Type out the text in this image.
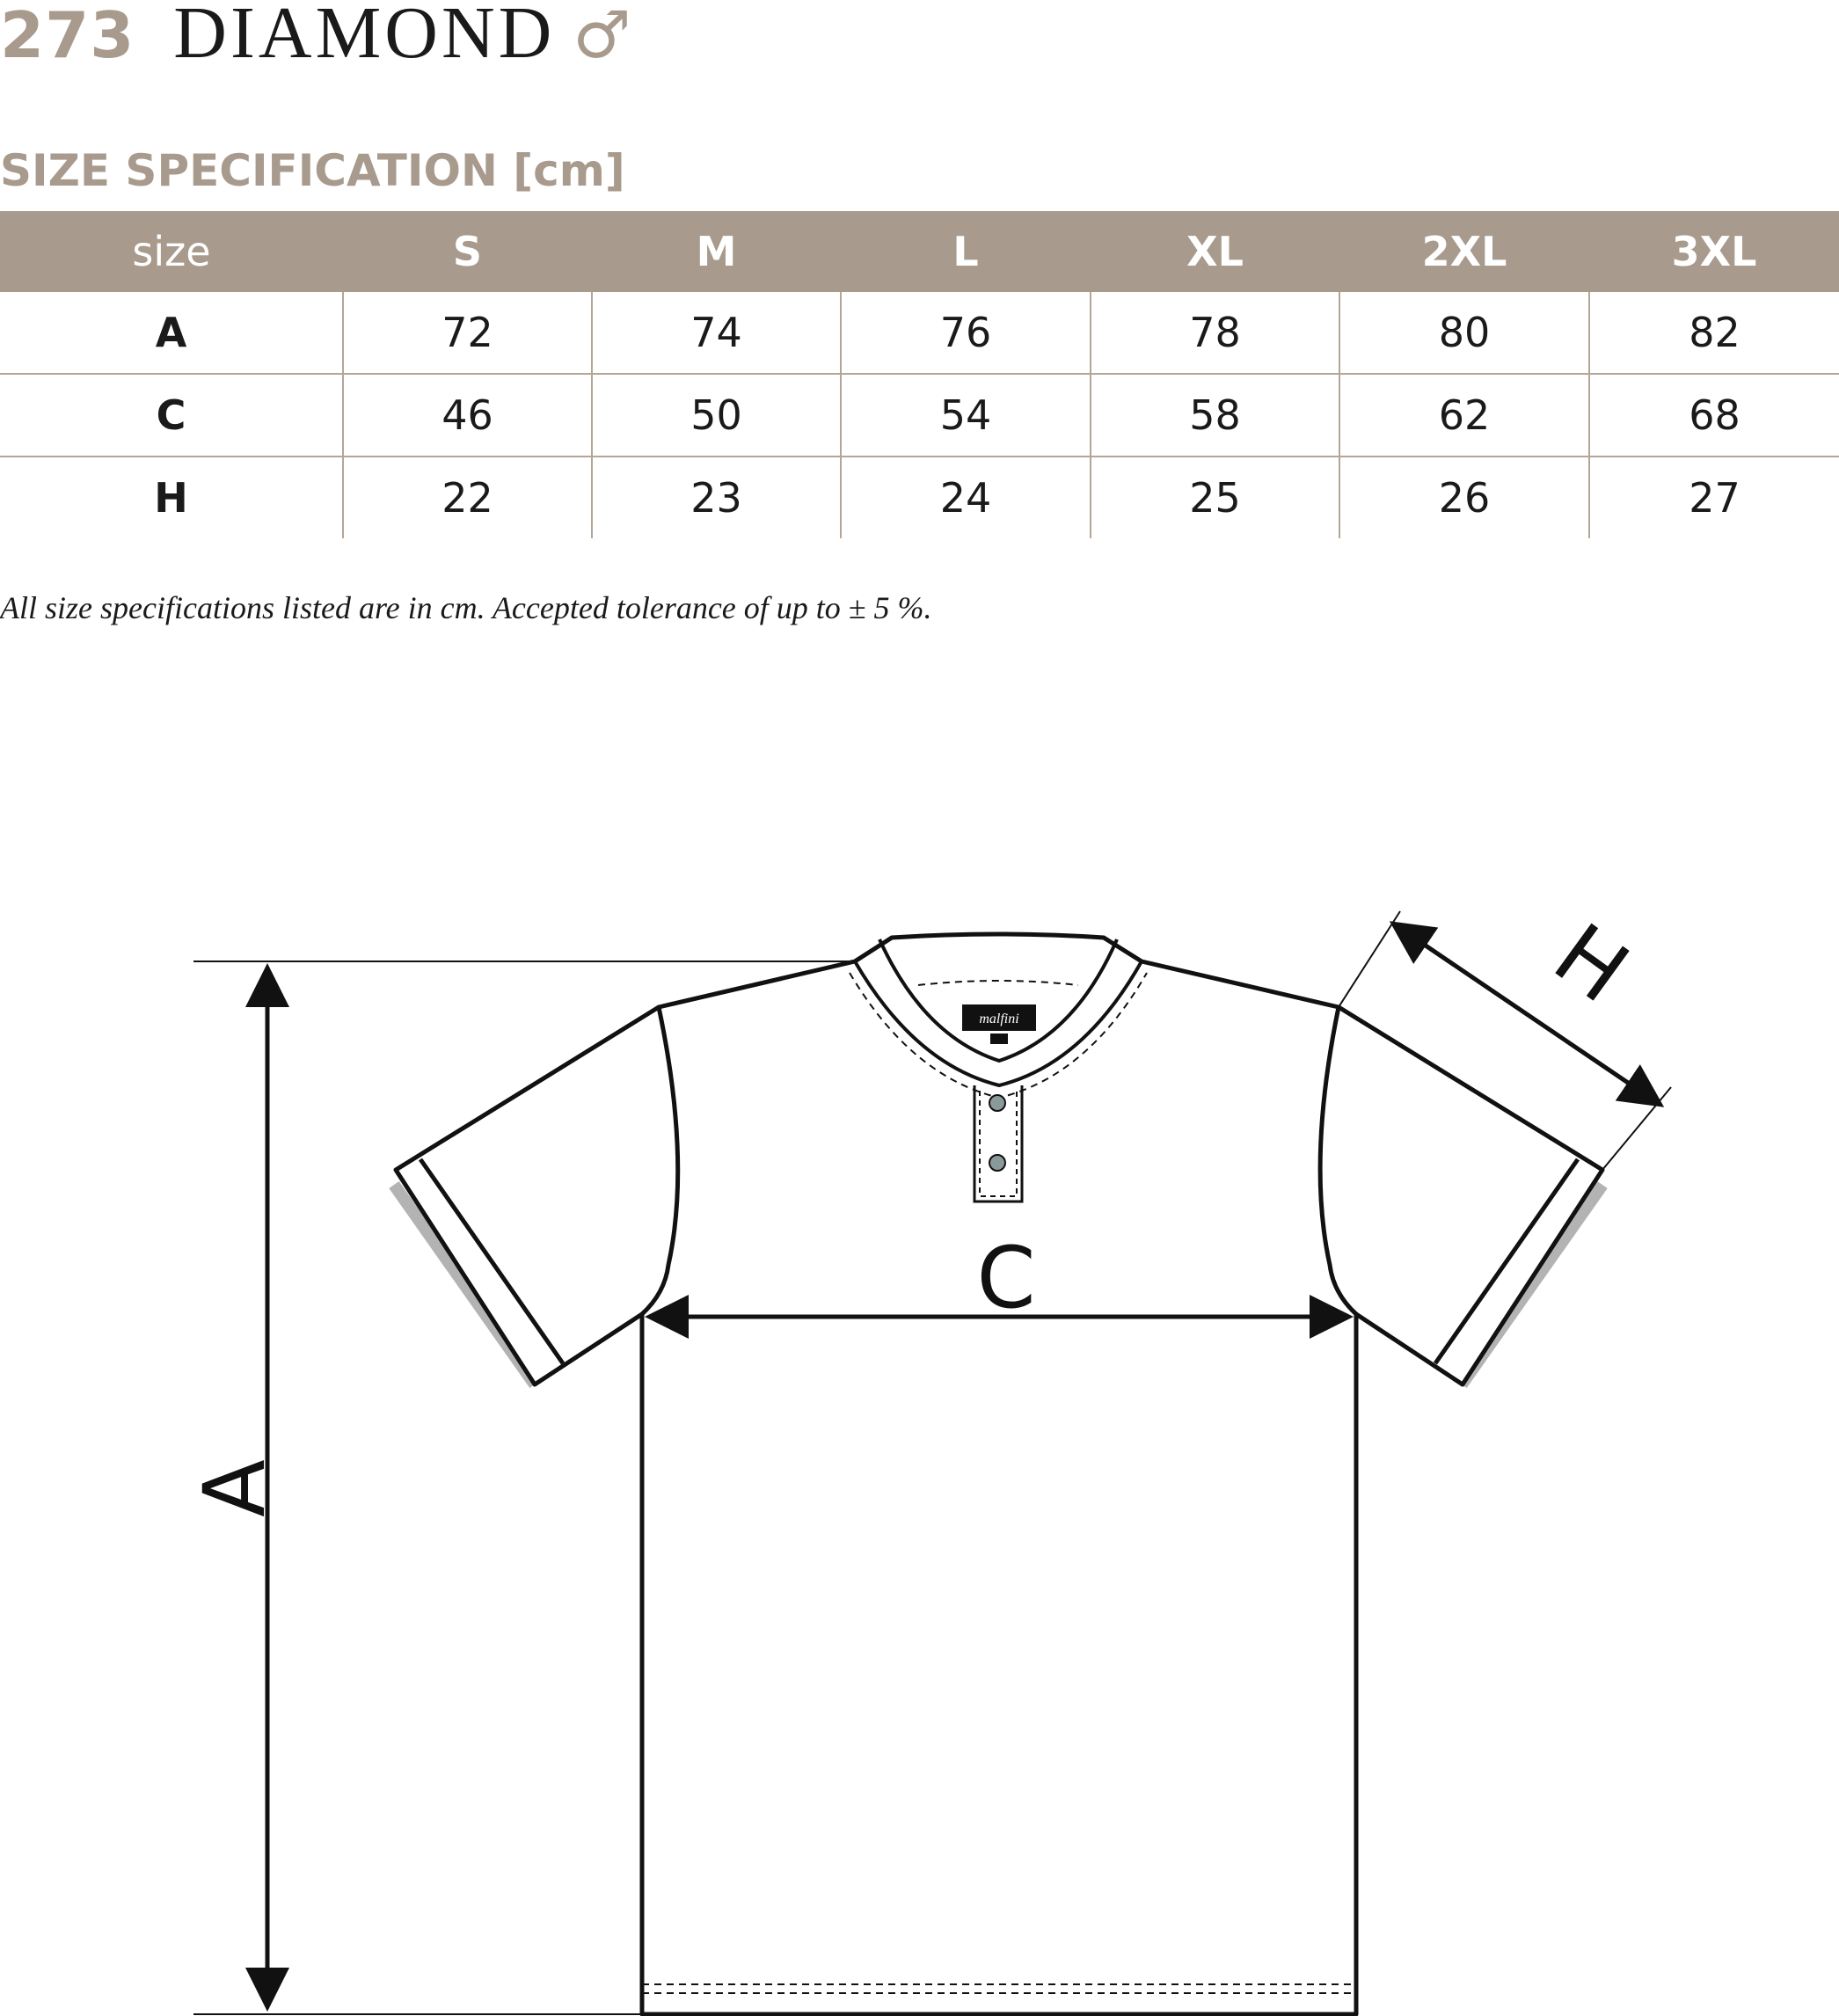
273 DIAMOND ♂
SIZE SPECIFICATION [cm]
size	S	M	L	XL	2XL	3XL
A	72	74	76	78	80	82
C	46	50	54	58	62	68
H	22	23	24	25	26	27
All size specifications listed are in cm. Accepted tolerance of up to ± 5 %.
malfini
A
C
H
